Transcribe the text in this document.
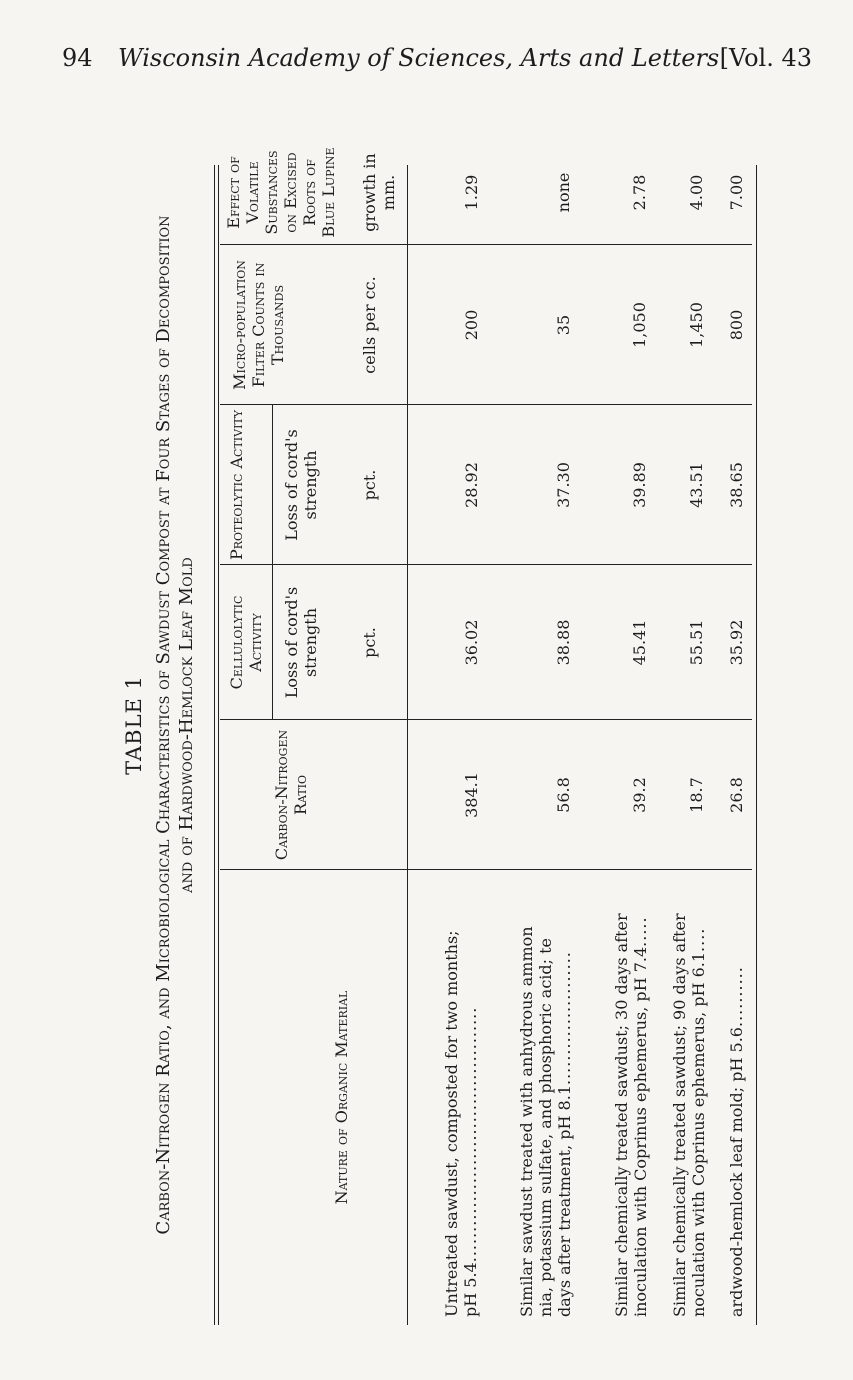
94 Wisconsin Academy of Sciences, Arts and Letters [Vol. 43
TABLE 1 Carbon-Nitrogen Ratio, and Microbiological Characteristics of Sawdust Compost at Four Stages of Decomposition and of Hardwood-Hemlock Leaf Mold
Nature of Organic Material
Carbon-Nitrogen Ratio
Cellulolytic Activity Loss of cord's strength
Proteolytic Activity Loss of cord's strength
Micro-population Filter Counts in Thousands
Effect of Volatile Substances on Excised Roots of Blue Lupine
pct.
pct.
cells per cc.
growth in mm.
Untreated sawdust, composted for two months; pH 5.4..........................................
384.1
36.02
28.92
200
1.29
Similar sawdust treated with anhydrous ammon nia, potassium sulfate, and phosphoric acid; te days after treatment, pH 8.1......................
56.8
38.88
37.30
35
none
Similar chemically treated sawdust; 30 days after inoculation with Coprinus ephemerus, pH 7.4.....
39.2
45.41
39.89
1,050
2.78
Similar chemically treated sawdust; 90 days after noculation with Coprinus ephemerus, pH 6.1....
18.7
55.51
43.51
1,450
4.00
ardwood-hemlock leaf mold; pH 5.6..........
26.8
35.92
38.65
800
7.00
